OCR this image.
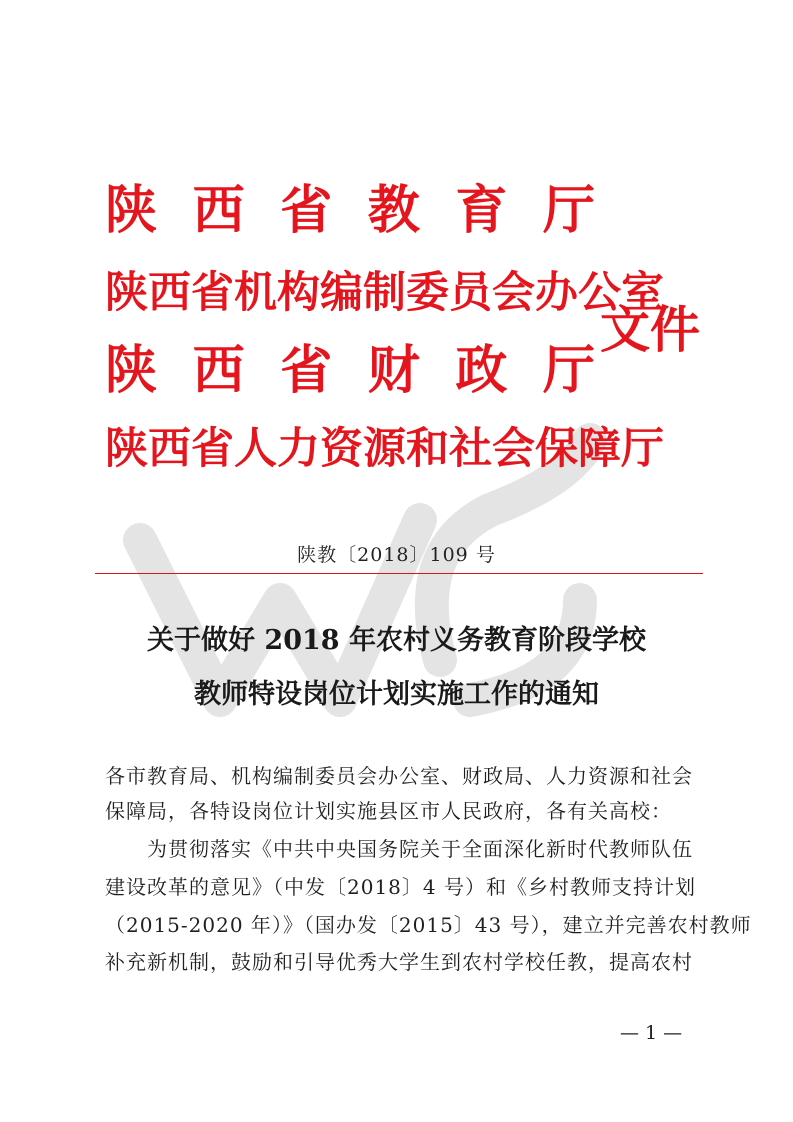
陕 西 省 教 育 厅
陕西省机构编制委员会办公室
陕 西 省 财 政 厅
陕西省人力资源和社会保障厅
文件
陕教〔2018〕109 号
关于做好 2018 年农村义务教育阶段学校
教师特设岗位计划实施工作的通知
各市教育局、机构编制委员会办公室、财政局、人力资源和社会
保障局，各特设岗位计划实施县区市人民政府，各有关高校：
　　为贯彻落实《中共中央国务院关于全面深化新时代教师队伍
建设改革的意见》（中发〔2018〕4 号）和《乡村教师支持计划
（2015-2020 年）》（国办发〔2015〕43 号），建立并完善农村教师
补充新机制，鼓励和引导优秀大学生到农村学校任教，提高农村
— 1 —
